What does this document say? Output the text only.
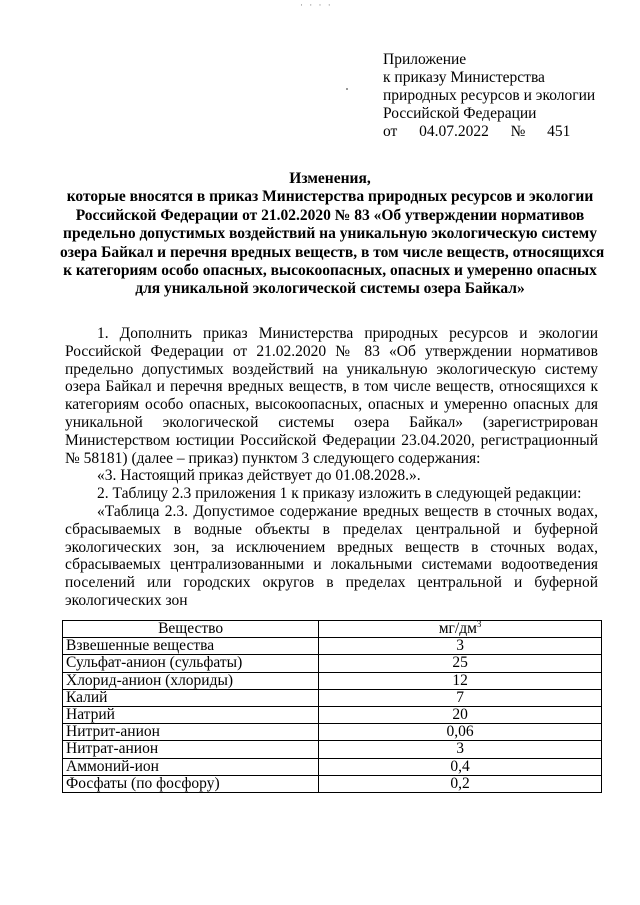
· · · ·
Приложение
к приказу Министерства
природных ресурсов и экологии
Российской Федерации
от 04.07.2022 № 451
Изменения,
которые вносятся в приказ Министерства природных ресурсов и экологии
Российской Федерации от 21.02.2020 № 83 «Об утверждении нормативов
предельно допустимых воздействий на уникальную экологическую систему
озера Байкал и перечня вредных веществ, в том числе веществ, относящихся
к категориям особо опасных, высокоопасных, опасных и умеренно опасных
для уникальной экологической системы озера Байкал»

1. Дополнить приказ Министерства природных ресурсов и экологии Российской Федерации от 21.02.2020 № 83 «Об утверждении нормативов предельно допустимых воздействий на уникальную экологическую систему озера Байкал и перечня вредных веществ, в том числе веществ, относящихся к категориям особо опасных, высокоопасных, опасных и умеренно опасных для уникальной экологической системы озера Байкал» (зарегистрирован Министерством юстиции Российской Федерации 23.04.2020, регистрационный № 58181) (далее – приказ) пунктом 3 следующего содержания:

«3. Настоящий приказ действует до 01.08.2028.».

2. Таблицу 2.3 приложения 1 к приказу изложить в следующей редакции:

«Таблица 2.3. Допустимое содержание вредных веществ в сточных водах, сбрасываемых в водные объекты в пределах центральной и буферной экологических зон, за исключением вредных веществ в сточных водах, сбрасываемых централизованными и локальными системами водоотведения поселений или городских округов в пределах центральной и буферной экологических зон

Вещество	$мг/дм^3$
Взвешенные вещества	3
Сульфат-анион (сульфаты)	25
Хлорид-анион (хлориды)	12
Калий	7
Натрий	20
Нитрит-анион	0,06
Нитрат-анион	3
Аммоний-ион	0,4
Фосфаты (по фосфору)	0,2
